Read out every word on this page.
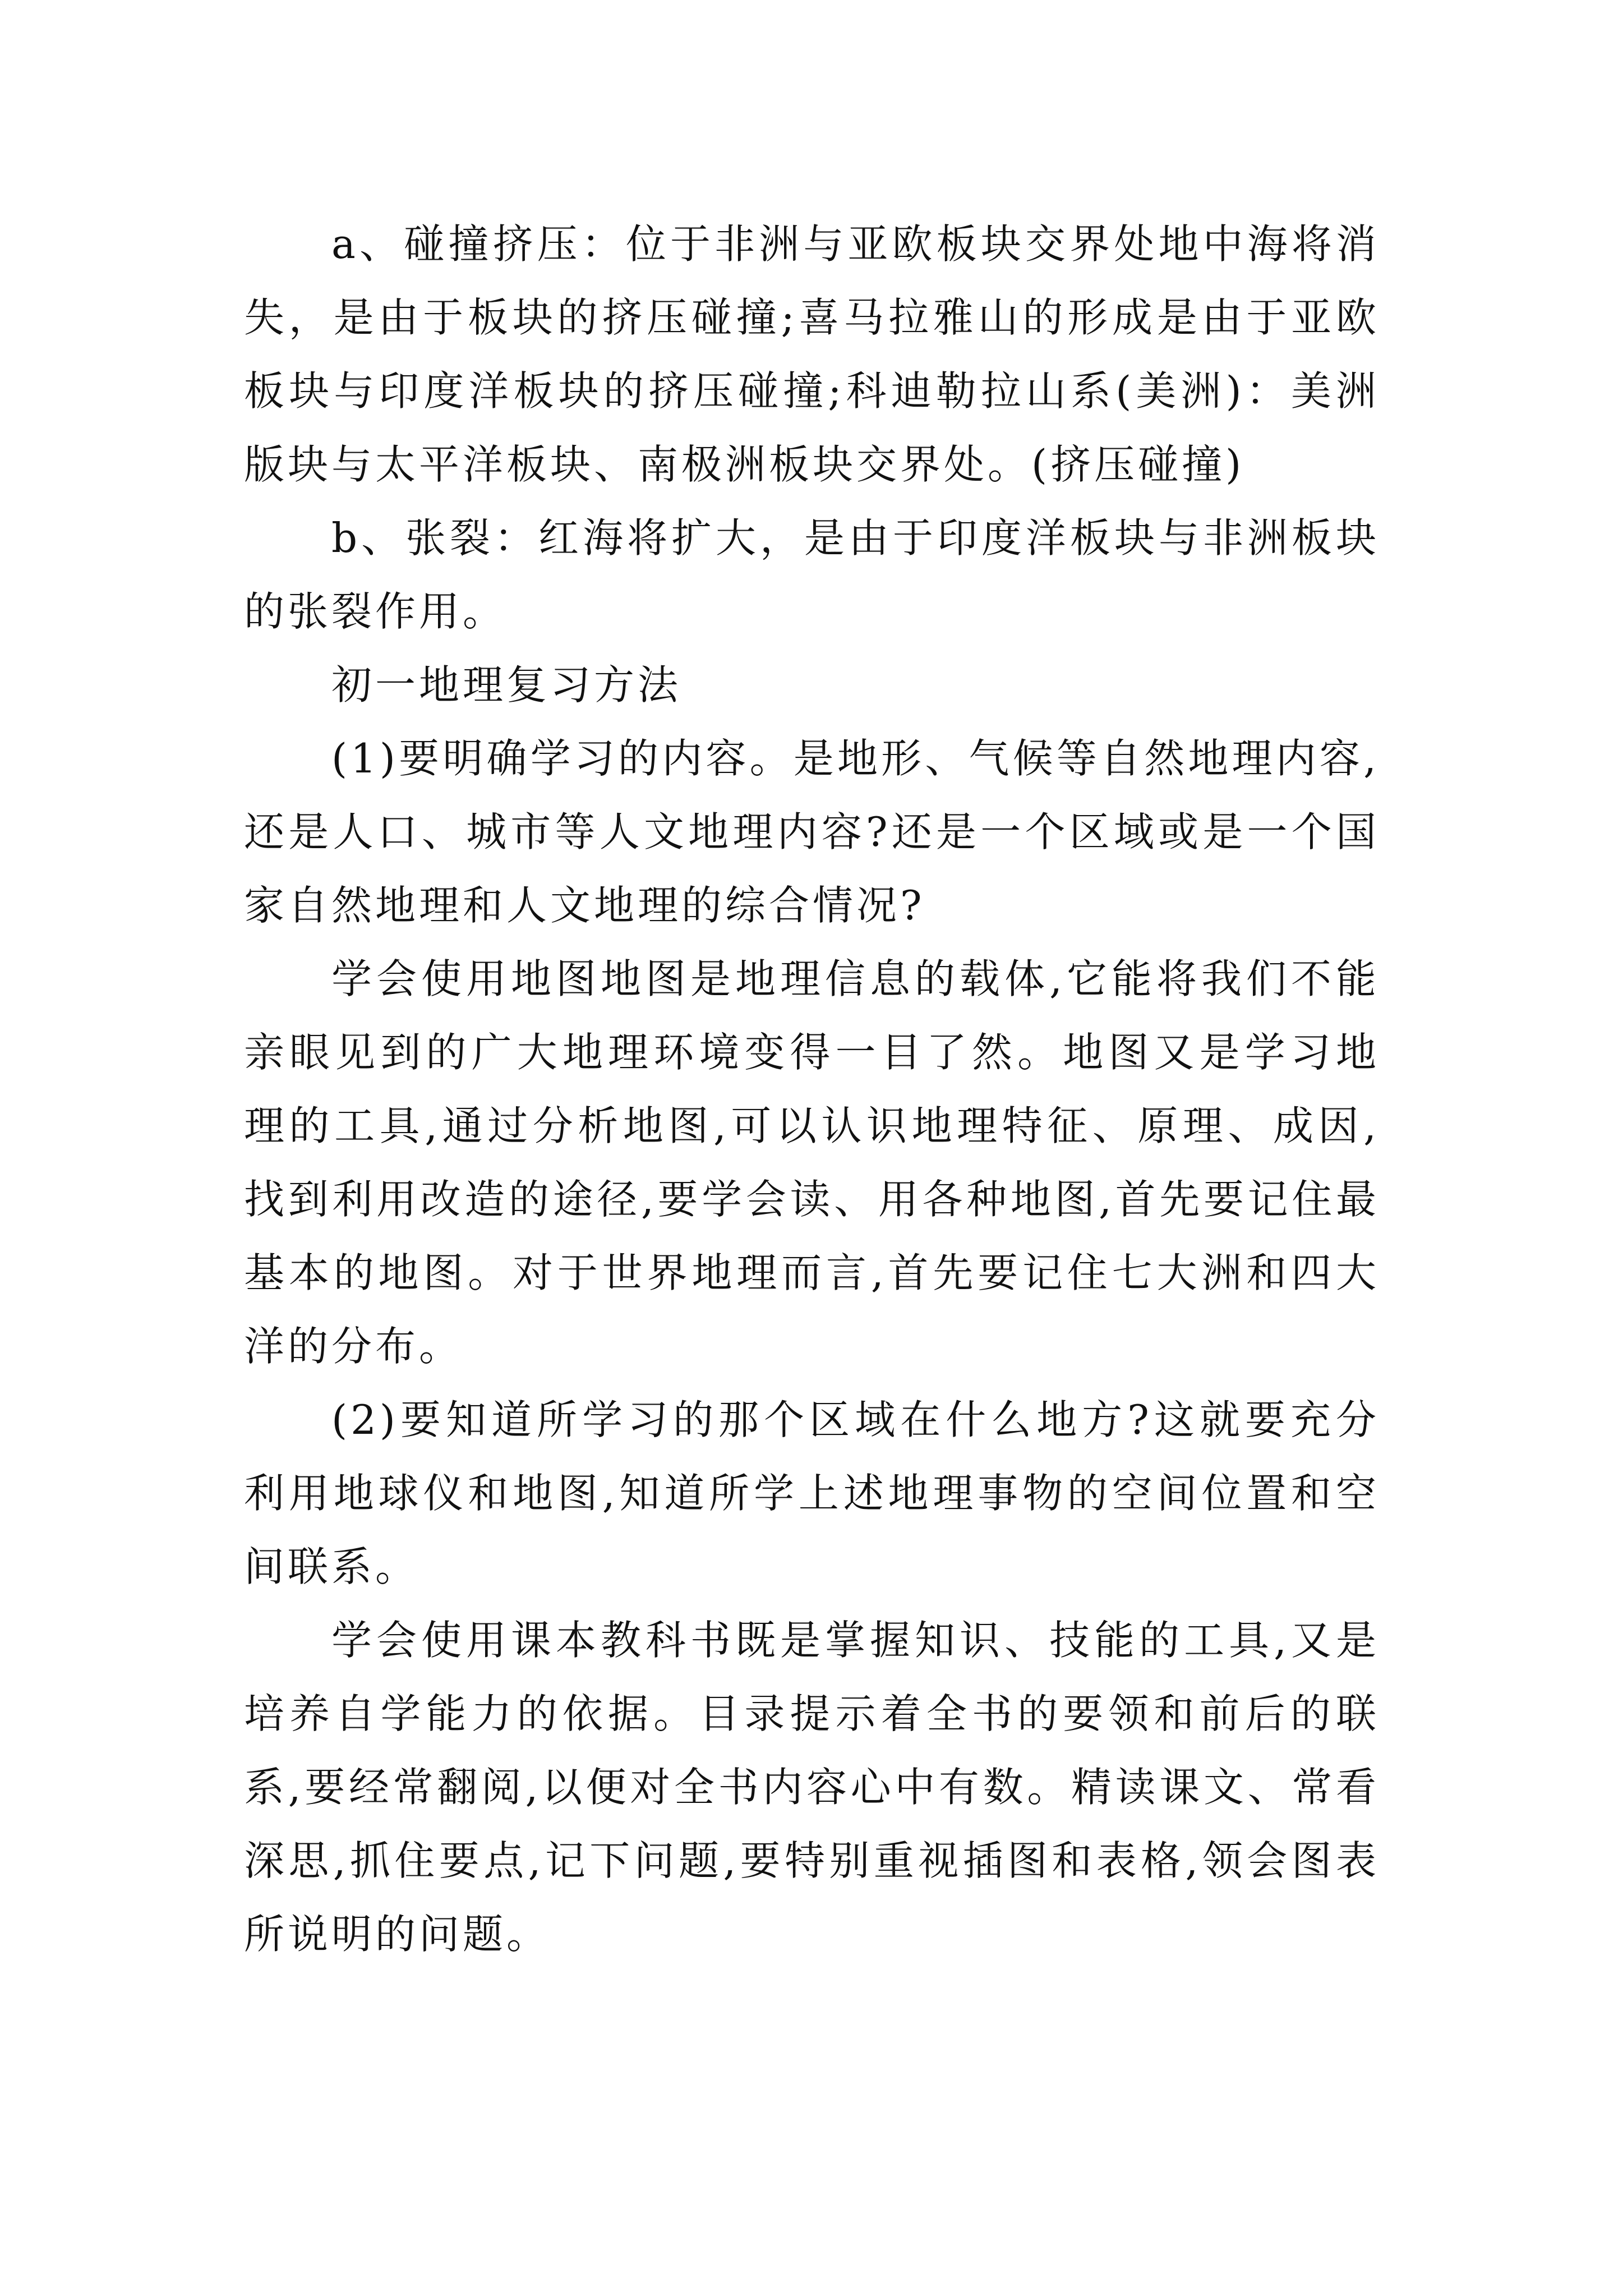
a、碰撞挤压：位于非洲与亚欧板块交界处地中海将消失，是由于板块的挤压碰撞;喜马拉雅山的形成是由于亚欧板块与印度洋板块的挤压碰撞;科迪勒拉山系(美洲)：美洲版块与太平洋板块、南极洲板块交界处。(挤压碰撞)

b、张裂：红海将扩大，是由于印度洋板块与非洲板块的张裂作用。

初一地理复习方法

(1)要明确学习的内容。是地形、气候等自然地理内容,还是人口、城市等人文地理内容?还是一个区域或是一个国家自然地理和人文地理的综合情况?

学会使用地图地图是地理信息的载体,它能将我们不能亲眼见到的广大地理环境变得一目了然。地图又是学习地理的工具,通过分析地图,可以认识地理特征、原理、成因,找到利用改造的途径,要学会读、用各种地图,首先要记住最基本的地图。对于世界地理而言,首先要记住七大洲和四大洋的分布。

(2)要知道所学习的那个区域在什么地方?这就要充分利用地球仪和地图,知道所学上述地理事物的空间位置和空间联系。

学会使用课本教科书既是掌握知识、技能的工具,又是培养自学能力的依据。目录提示着全书的要领和前后的联系,要经常翻阅,以便对全书内容心中有数。精读课文、常看深思,抓住要点,记下问题,要特别重视插图和表格,领会图表所说明的问题。
